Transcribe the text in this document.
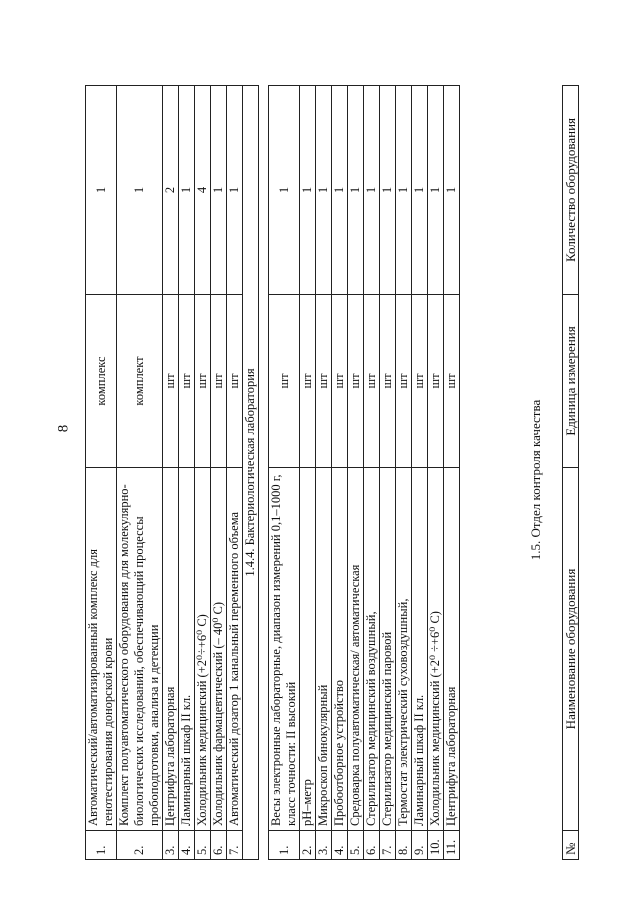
8
1.	Автоматический/автоматизированный комплекс для генотестирования донорской крови	комплекс	1
2.	Комплект полуавтоматического оборудования для молекулярно-биологических исследований, обеспечивающий процессы пробоподготовки, анализа и детекции	комплект	1
3.	Центрифуга лабораторная	шт	2
4.	Ламинарный шкаф II кл.	шт	1
5.	Холодильник медицинский (+2⁰÷+6⁰ С)	шт	4
6.	Холодильник фармацевтический (– 40⁰ С)	шт	1
7.	Автоматический дозатор 1 канальный переменного объема	шт	1
1.4.4. Бактериологическая лаборатория			
1.	Весы электронные лабораторные, диапазон измерений 0,1–1000 г, класс точности: II высокий	шт	1
2.	pH–метр	шт	1
3.	Микроскоп бинокулярный	шт	1
4.	Пробоотборное устройство	шт	1
5.	Средоварка полуавтоматическая/ автоматическая	шт	1
6.	Стерилизатор медицинский воздушный,	шт	1
7.	Стерилизатор медицинский паровой	шт	1
8.	Термостат электрический суховоздушный,	шт	1
9.	Ламинарный шкаф II кл.	шт	1
10.	Холодильник медицинский (+2⁰ ÷+6⁰ С)	шт	1
11.	Центрифуга лабораторная	шт	1
1.5. Отдел контроля качества
№	Наименование оборудования	Единица измерения	Количество оборудования
